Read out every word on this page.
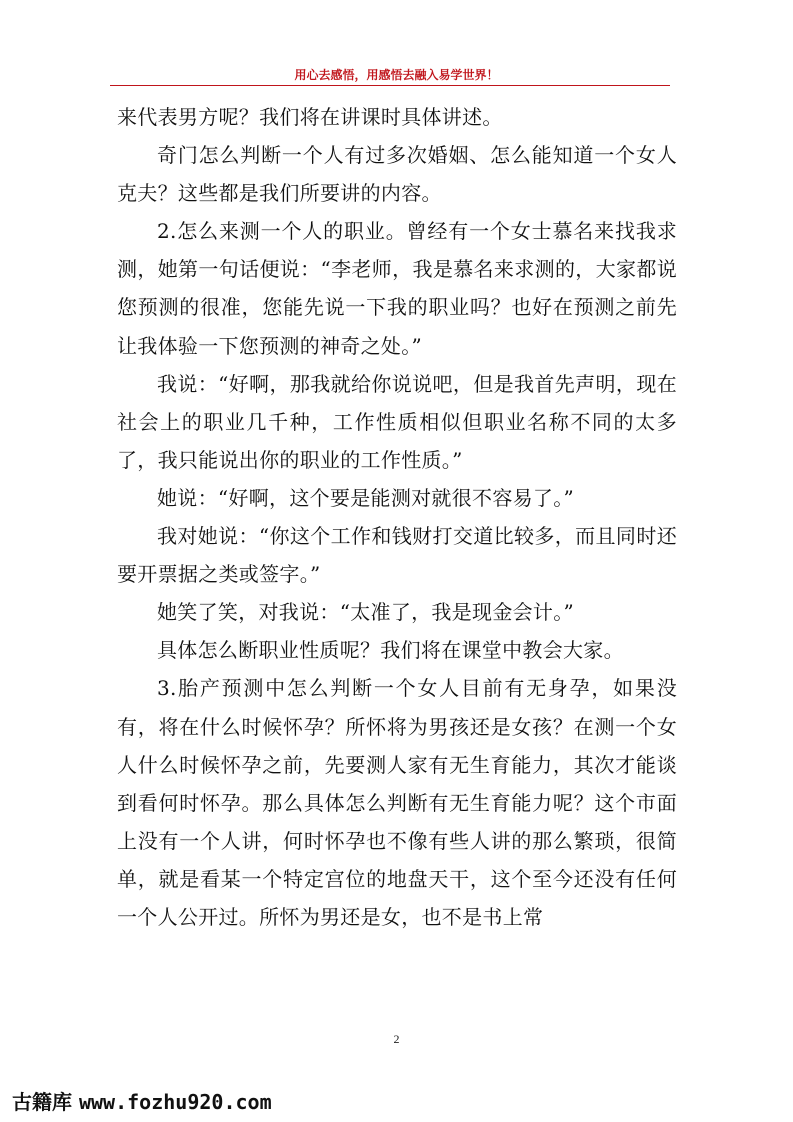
用心去感悟，用感悟去融入易学世界！

来代表男方呢？我们将在讲课时具体讲述。

奇门怎么判断一个人有过多次婚姻、怎么能知道一个女人克夫？这些都是我们所要讲的内容。

2.怎么来测一个人的职业。曾经有一个女士慕名来找我求测，她第一句话便说：“李老师，我是慕名来求测的，大家都说您预测的很准，您能先说一下我的职业吗？也好在预测之前先让我体验一下您预测的神奇之处。”

我说：“好啊，那我就给你说说吧，但是我首先声明，现在社会上的职业几千种，工作性质相似但职业名称不同的太多了，我只能说出你的职业的工作性质。”

她说：“好啊，这个要是能测对就很不容易了。”

我对她说：“你这个工作和钱财打交道比较多，而且同时还要开票据之类或签字。”

她笑了笑，对我说：“太准了，我是现金会计。”

具体怎么断职业性质呢？我们将在课堂中教会大家。

3.胎产预测中怎么判断一个女人目前有无身孕，如果没有，将在什么时候怀孕？所怀将为男孩还是女孩？在测一个女人什么时候怀孕之前，先要测人家有无生育能力，其次才能谈到看何时怀孕。那么具体怎么判断有无生育能力呢？这个市面上没有一个人讲，何时怀孕也不像有些人讲的那么繁琐，很简单，就是看某一个特定宫位的地盘天干，这个至今还没有任何一个人公开过。所怀为男还是女，也不是书上常

2
古籍库 www.fozhu920.com
